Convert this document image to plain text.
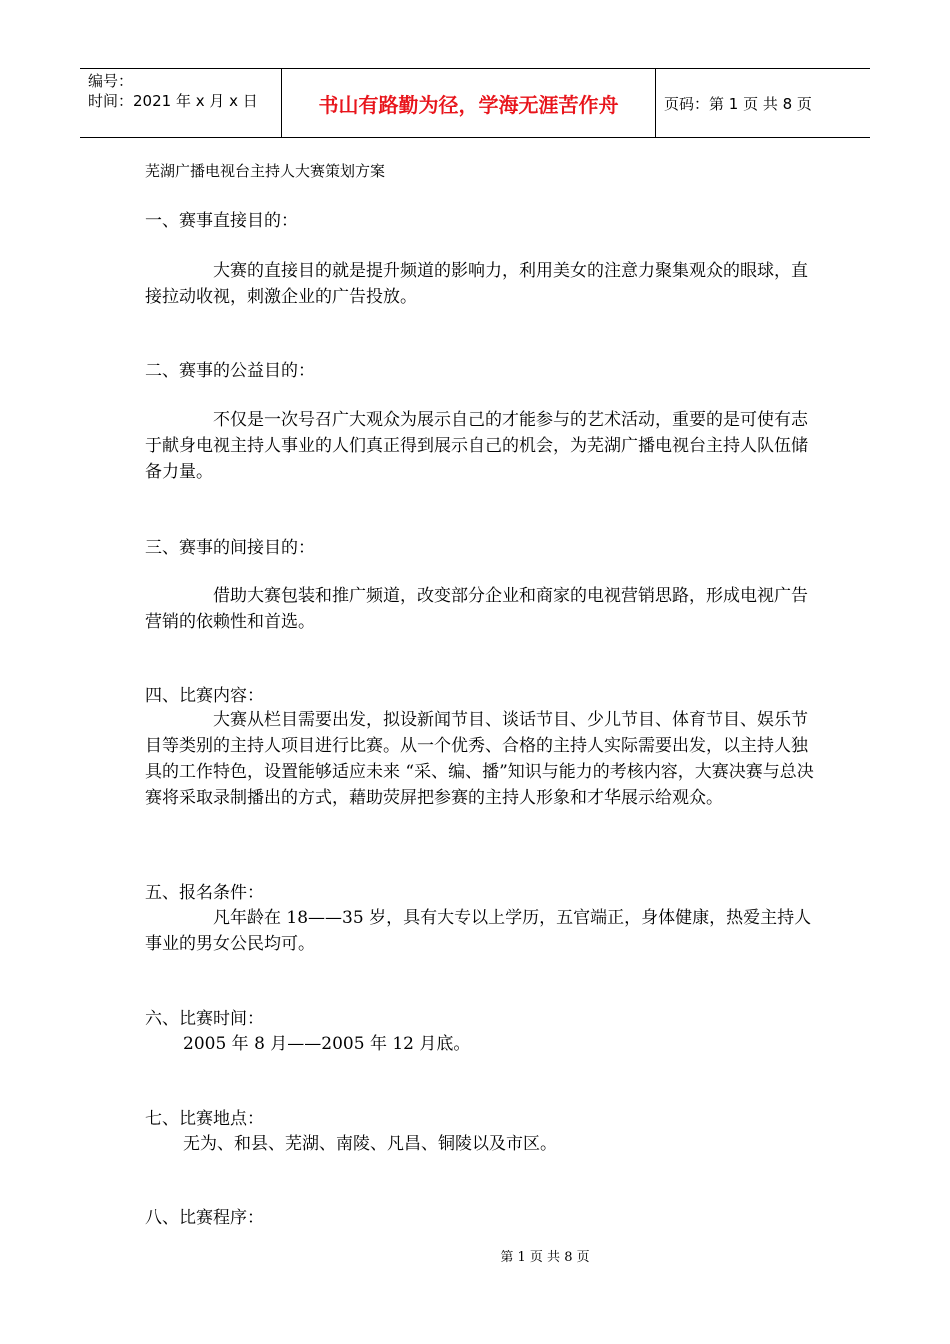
编号：
时间：2021 年 x 月 x 日	书山有路勤为径，学海无涯苦作舟	页码：第 1 页 共 8 页
芜湖广播电视台主持人大赛策划方案
一、赛事直接目的：
大赛的直接目的就是提升频道的影响力，利用美女的注意力聚集观众的眼球，直接拉动收视，刺激企业的广告投放。
二、赛事的公益目的：
不仅是一次号召广大观众为展示自己的才能参与的艺术活动，重要的是可使有志于献身电视主持人事业的人们真正得到展示自己的机会，为芜湖广播电视台主持人队伍储备力量。
三、赛事的间接目的：
借助大赛包装和推广频道，改变部分企业和商家的电视营销思路，形成电视广告营销的依赖性和首选。
四、比赛内容：
大赛从栏目需要出发，拟设新闻节目、谈话节目、少儿节目、体育节目、娱乐节目等类别的主持人项目进行比赛。从一个优秀、合格的主持人实际需要出发，以主持人独具的工作特色，设置能够适应未来 “采、编、播”知识与能力的考核内容，大赛决赛与总决赛将采取录制播出的方式，藉助荧屏把参赛的主持人形象和才华展示给观众。
五、报名条件：
凡年龄在 18——35 岁，具有大专以上学历，五官端正，身体健康，热爱主持人事业的男女公民均可。
六、比赛时间：
2005 年 8 月——2005 年 12 月底。
七、比赛地点：
无为、和县、芜湖、南陵、凡昌、铜陵以及市区。
八、比赛程序：
第 1 页 共 8 页
